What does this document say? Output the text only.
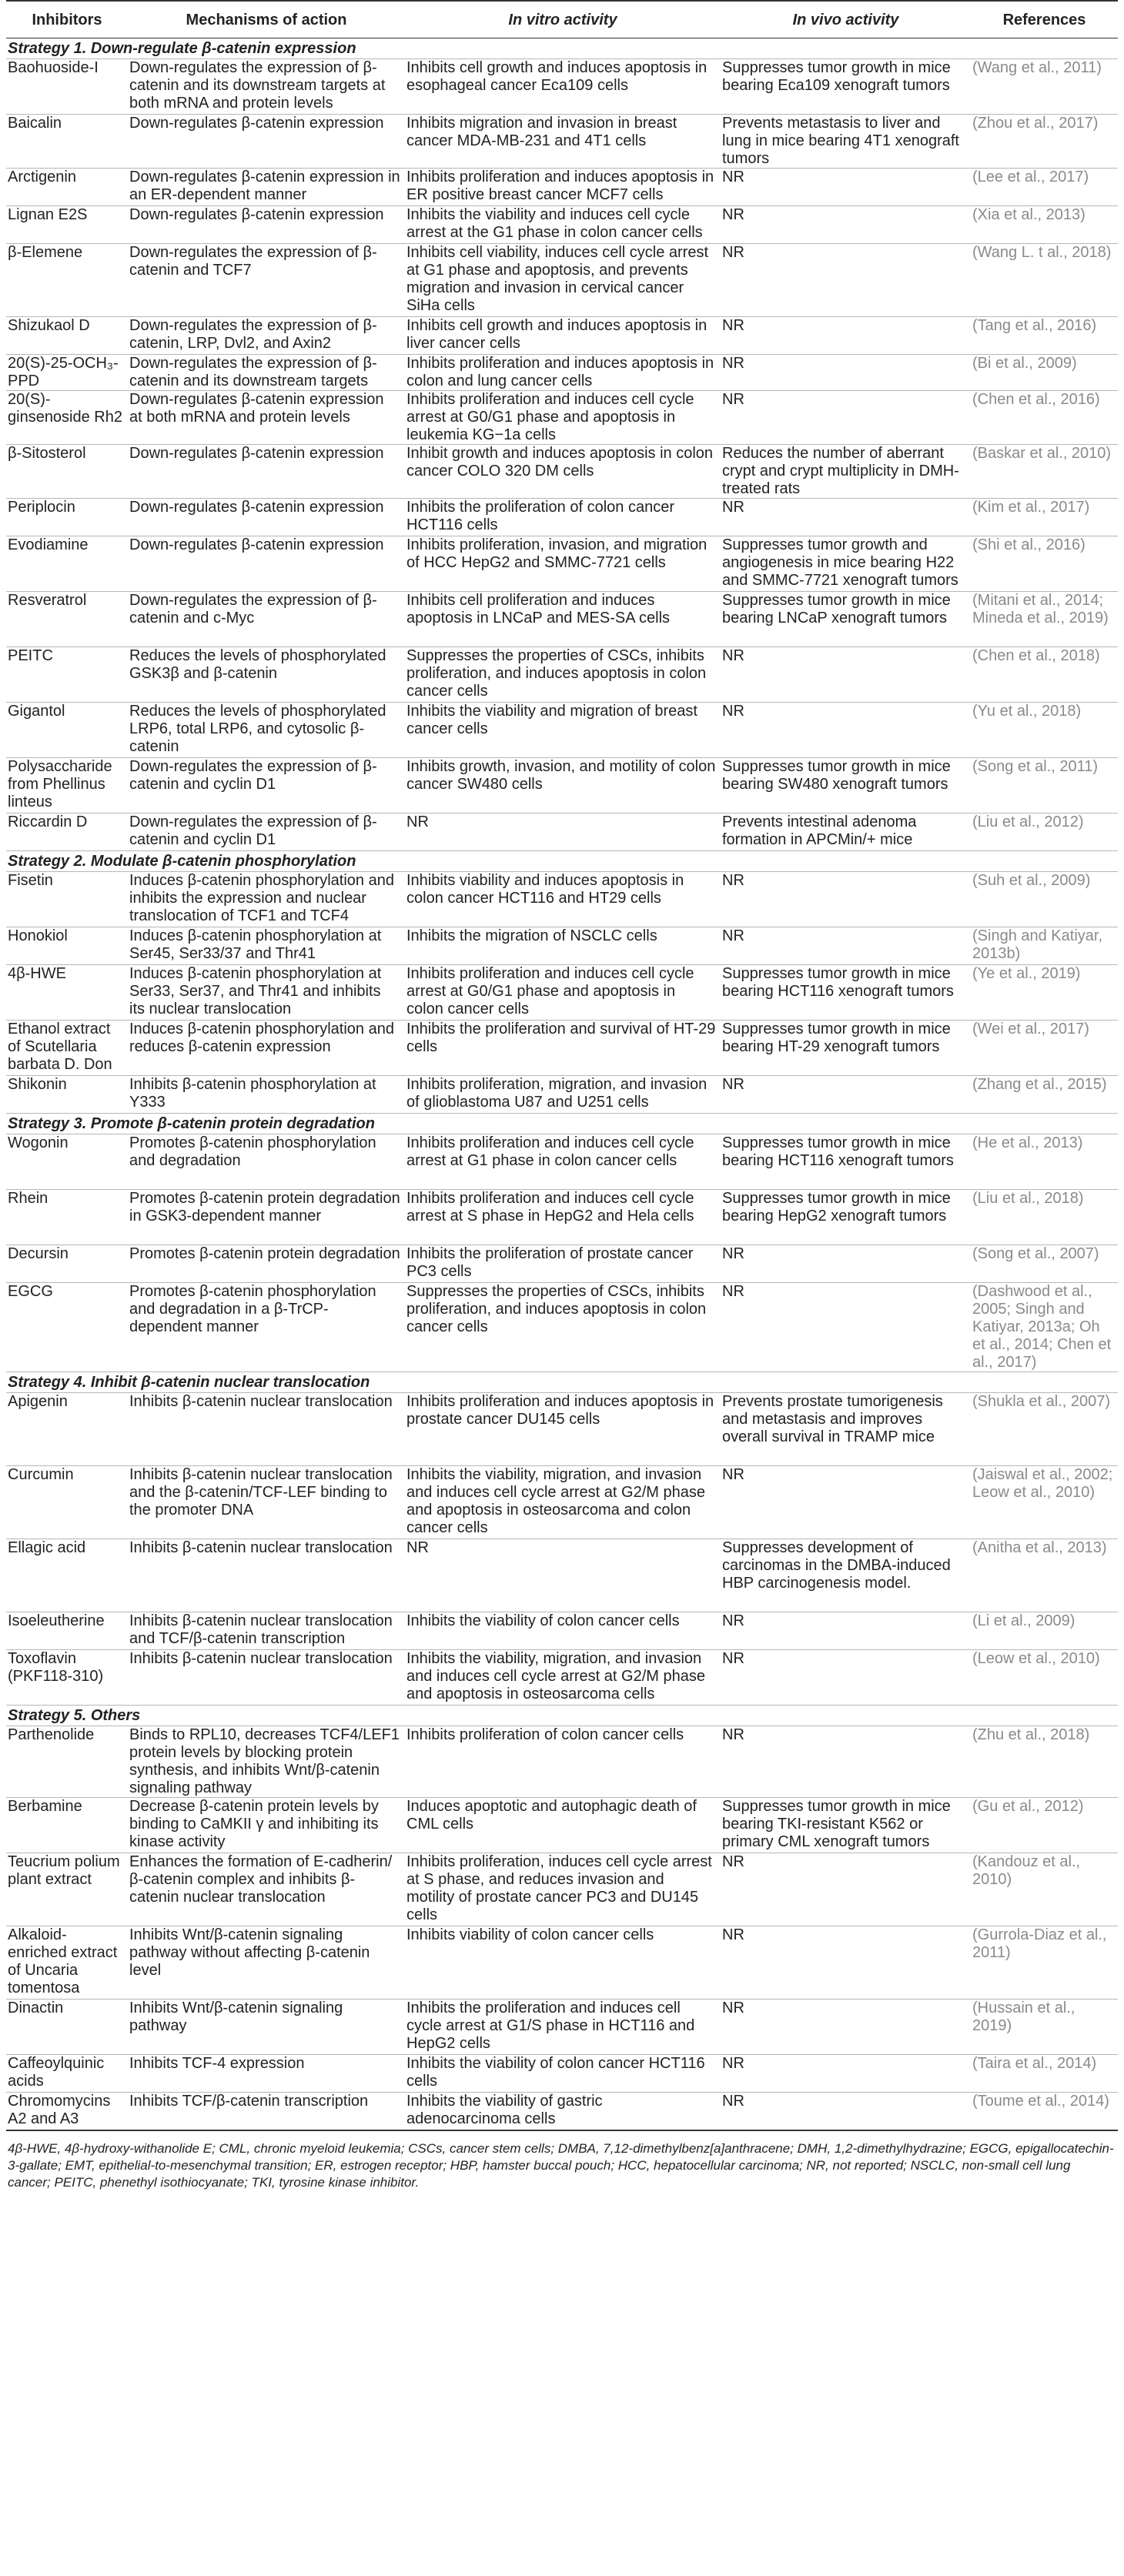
Inhibitors	Mechanisms of action	In vitro activity	In vivo activity	References
Strategy 1. Down-regulate β-catenin expression				
Baohuoside-I	Down-regulates the expression of β-catenin and its downstream targets at both mRNA and protein levels	Inhibits cell growth and induces apoptosis in esophageal cancer Eca109 cells	Suppresses tumor growth in mice bearing Eca109 xenograft tumors	(Wang et al., 2011)
Baicalin	Down-regulates β-catenin expression	Inhibits migration and invasion in breast cancer MDA-MB-231 and 4T1 cells	Prevents metastasis to liver and lung in mice bearing 4T1 xenograft tumors	(Zhou et al., 2017)
Arctigenin	Down-regulates β-catenin expression in an ER-dependent manner	Inhibits proliferation and induces apoptosis in ER positive breast cancer MCF7 cells	NR	(Lee et al., 2017)
Lignan E2S	Down-regulates β-catenin expression	Inhibits the viability and induces cell cycle arrest at the G1 phase in colon cancer cells	NR	(Xia et al., 2013)
β-Elemene	Down-regulates the expression of β-catenin and TCF7	Inhibits cell viability, induces cell cycle arrest at G1 phase and apoptosis, and prevents migration and invasion in cervical cancer SiHa cells	NR	(Wang L. t al., 2018)
Shizukaol D	Down-regulates the expression of β-catenin, LRP, Dvl2, and Axin2	Inhibits cell growth and induces apoptosis in liver cancer cells	NR	(Tang et al., 2016)
20(S)-25-OCH₃-PPD	Down-regulates the expression of β-catenin and its downstream targets	Inhibits proliferation and induces apoptosis in colon and lung cancer cells	NR	(Bi et al., 2009)
20(S)-ginsenoside Rh2	Down-regulates β-catenin expression at both mRNA and protein levels	Inhibits proliferation and induces cell cycle arrest at G0/G1 phase and apoptosis in leukemia KG−1a cells	NR	(Chen et al., 2016)
β-Sitosterol	Down-regulates β-catenin expression	Inhibit growth and induces apoptosis in colon cancer COLO 320 DM cells	Reduces the number of aberrant crypt and crypt multiplicity in DMH-treated rats	(Baskar et al., 2010)
Periplocin	Down-regulates β-catenin expression	Inhibits the proliferation of colon cancer HCT116 cells	NR	(Kim et al., 2017)
Evodiamine	Down-regulates β-catenin expression	Inhibits proliferation, invasion, and migration of HCC HepG2 and SMMC-7721 cells	Suppresses tumor growth and angiogenesis in mice bearing H22 and SMMC-7721 xenograft tumors	(Shi et al., 2016)
Resveratrol	Down-regulates the expression of β-catenin and c-Myc	Inhibits cell proliferation and induces apoptosis in LNCaP and MES-SA cells	Suppresses tumor growth in mice bearing LNCaP xenograft tumors	(Mitani et al., 2014; Mineda et al., 2019)
PEITC	Reduces the levels of phosphorylated GSK3β and β-catenin	Suppresses the properties of CSCs, inhibits proliferation, and induces apoptosis in colon cancer cells	NR	(Chen et al., 2018)
Gigantol	Reduces the levels of phosphorylated LRP6, total LRP6, and cytosolic β-catenin	Inhibits the viability and migration of breast cancer cells	NR	(Yu et al., 2018)
Polysaccharide from Phellinus linteus	Down-regulates the expression of β-catenin and cyclin D1	Inhibits growth, invasion, and motility of colon cancer SW480 cells	Suppresses tumor growth in mice bearing SW480 xenograft tumors	(Song et al., 2011)
Riccardin D	Down-regulates the expression of β-catenin and cyclin D1	NR	Prevents intestinal adenoma formation in APCMin/+ mice	(Liu et al., 2012)
Strategy 2. Modulate β-catenin phosphorylation				
Fisetin	Induces β-catenin phosphorylation and inhibits the expression and nuclear translocation of TCF1 and TCF4	Inhibits viability and induces apoptosis in colon cancer HCT116 and HT29 cells	NR	(Suh et al., 2009)
Honokiol	Induces β-catenin phosphorylation at Ser45, Ser33/37 and Thr41	Inhibits the migration of NSCLC cells	NR	(Singh and Katiyar, 2013b)
4β-HWE	Induces β-catenin phosphorylation at Ser33, Ser37, and Thr41 and inhibits its nuclear translocation	Inhibits proliferation and induces cell cycle arrest at G0/G1 phase and apoptosis in colon cancer cells	Suppresses tumor growth in mice bearing HCT116 xenograft tumors	(Ye et al., 2019)
Ethanol extract of Scutellaria barbata D. Don	Induces β-catenin phosphorylation and reduces β-catenin expression	Inhibits the proliferation and survival of HT-29 cells	Suppresses tumor growth in mice bearing HT-29 xenograft tumors	(Wei et al., 2017)
Shikonin	Inhibits β-catenin phosphorylation at Y333	Inhibits proliferation, migration, and invasion of glioblastoma U87 and U251 cells	NR	(Zhang et al., 2015)
Strategy 3. Promote β-catenin protein degradation				
Wogonin	Promotes β-catenin phosphorylation and degradation	Inhibits proliferation and induces cell cycle arrest at G1 phase in colon cancer cells	Suppresses tumor growth in mice bearing HCT116 xenograft tumors	(He et al., 2013)
Rhein	Promotes β-catenin protein degradation in GSK3-dependent manner	Inhibits proliferation and induces cell cycle arrest at S phase in HepG2 and Hela cells	Suppresses tumor growth in mice bearing HepG2 xenograft tumors	(Liu et al., 2018)
Decursin	Promotes β-catenin protein degradation	Inhibits the proliferation of prostate cancer PC3 cells	NR	(Song et al., 2007)
EGCG	Promotes β-catenin phosphorylation and degradation in a β-TrCP-dependent manner	Suppresses the properties of CSCs, inhibits proliferation, and induces apoptosis in colon cancer cells	NR	(Dashwood et al., 2005; Singh and Katiyar, 2013a; Oh et al., 2014; Chen et al., 2017)
Strategy 4. Inhibit β-catenin nuclear translocation				
Apigenin	Inhibits β-catenin nuclear translocation	Inhibits proliferation and induces apoptosis in prostate cancer DU145 cells	Prevents prostate tumorigenesis and metastasis and improves overall survival in TRAMP mice	(Shukla et al., 2007)
Curcumin	Inhibits β-catenin nuclear translocation and the β-catenin/TCF-LEF binding to the promoter DNA	Inhibits the viability, migration, and invasion and induces cell cycle arrest at G2/M phase and apoptosis in osteosarcoma and colon cancer cells	NR	(Jaiswal et al., 2002; Leow et al., 2010)
Ellagic acid	Inhibits β-catenin nuclear translocation	NR	Suppresses development of carcinomas in the DMBA-induced HBP carcinogenesis model.	(Anitha et al., 2013)
Isoeleutherine	Inhibits β-catenin nuclear translocation and TCF/β-catenin transcription	Inhibits the viability of colon cancer cells	NR	(Li et al., 2009)
Toxoflavin (PKF118-310)	Inhibits β-catenin nuclear translocation	Inhibits the viability, migration, and invasion and induces cell cycle arrest at G2/M phase and apoptosis in osteosarcoma cells	NR	(Leow et al., 2010)
Strategy 5. Others				
Parthenolide	Binds to RPL10, decreases TCF4/LEF1 protein levels by blocking protein synthesis, and inhibits Wnt/β-catenin signaling pathway	Inhibits proliferation of colon cancer cells	NR	(Zhu et al., 2018)
Berbamine	Decrease β-catenin protein levels by binding to CaMKII γ and inhibiting its kinase activity	Induces apoptotic and autophagic death of CML cells	Suppresses tumor growth in mice bearing TKI-resistant K562 or primary CML xenograft tumors	(Gu et al., 2012)
Teucrium polium plant extract	Enhances the formation of E-cadherin/β-catenin complex and inhibits β-catenin nuclear translocation	Inhibits proliferation, induces cell cycle arrest at S phase, and reduces invasion and motility of prostate cancer PC3 and DU145 cells	NR	(Kandouz et al., 2010)
Alkaloid-enriched extract of Uncaria tomentosa	Inhibits Wnt/β-catenin signaling pathway without affecting β-catenin level	Inhibits viability of colon cancer cells	NR	(Gurrola-Diaz et al., 2011)
Dinactin	Inhibits Wnt/β-catenin signaling pathway	Inhibits the proliferation and induces cell cycle arrest at G1/S phase in HCT116 and HepG2 cells	NR	(Hussain et al., 2019)
Caffeoylquinic acids	Inhibits TCF-4 expression	Inhibits the viability of colon cancer HCT116 cells	NR	(Taira et al., 2014)
Chromomycins A2 and A3	Inhibits TCF/β-catenin transcription	Inhibits the viability of gastric adenocarcinoma cells	NR	(Toume et al., 2014)
4β-HWE, 4β-hydroxy-withanolide E; CML, chronic myeloid leukemia; CSCs, cancer stem cells; DMBA, 7,12-dimethylbenz[a]anthracene; DMH, 1,2-dimethylhydrazine; EGCG, epigallocatechin-3-gallate; EMT, epithelial-to-mesenchymal transition; ER, estrogen receptor; HBP, hamster buccal pouch; HCC, hepatocellular carcinoma; NR, not reported; NSCLC, non-small cell lung cancer; PEITC, phenethyl isothiocyanate; TKI, tyrosine kinase inhibitor.
